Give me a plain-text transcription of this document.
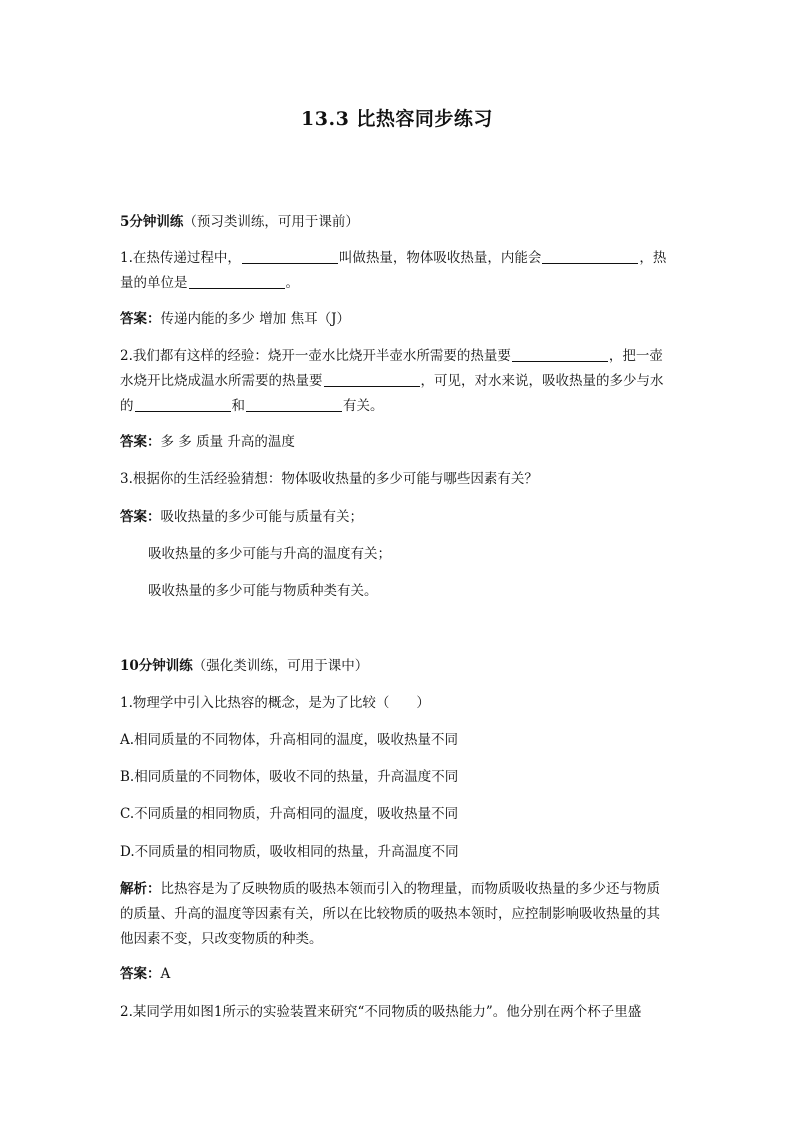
13.3 比热容同步练习
5分钟训练（预习类训练，可用于课前）
1.在热传递过程中，	叫做热量，物体吸收热量，内能会	，热
量的单位是	。
答案：传递内能的多少 增加 焦耳（J）
2.我们都有这样的经验：烧开一壶水比烧开半壶水所需要的热量要	，把一壶
水烧开比烧成温水所需要的热量要	，可见，对水来说，吸收热量的多少与水
的	和	有关。
答案：多 多 质量 升高的温度
3.根据你的生活经验猜想：物体吸收热量的多少可能与哪些因素有关？
答案：吸收热量的多少可能与质量有关；
吸收热量的多少可能与升高的温度有关；
吸收热量的多少可能与物质种类有关。
10分钟训练（强化类训练，可用于课中）
1.物理学中引入比热容的概念，是为了比较（　　）
A.相同质量的不同物体，升高相同的温度，吸收热量不同
B.相同质量的不同物体，吸收不同的热量，升高温度不同
C.不同质量的相同物质，升高相同的温度，吸收热量不同
D.不同质量的相同物质，吸收相同的热量，升高温度不同
解析：比热容是为了反映物质的吸热本领而引入的物理量，而物质吸收热量的多少还与物质
的质量、升高的温度等因素有关，所以在比较物质的吸热本领时，应控制影响吸收热量的其
他因素不变，只改变物质的种类。
答案：A
2.某同学用如图1所示的实验装置来研究“不同物质的吸热能力”。他分别在两个杯子里盛
